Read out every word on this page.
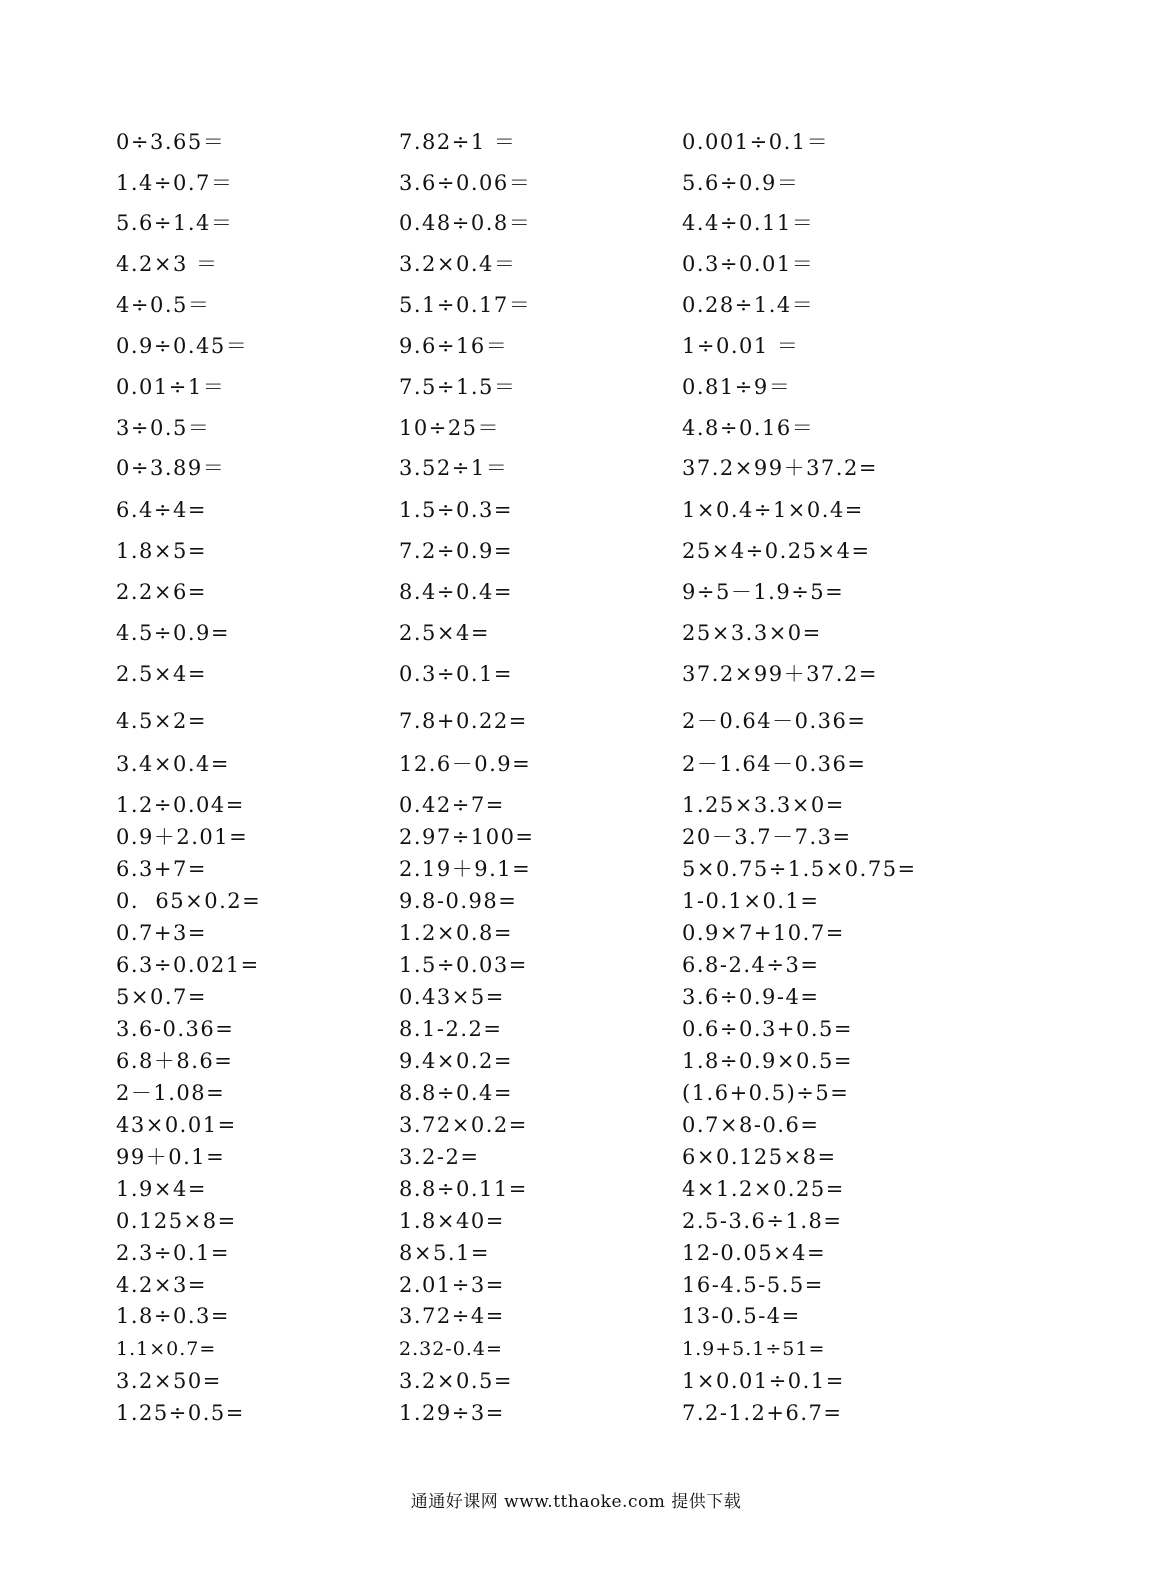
0÷3.65＝	7.82÷1 ＝	0.001÷0.1＝
1.4÷0.7＝	3.6÷0.06＝	5.6÷0.9＝
5.6÷1.4＝	0.48÷0.8＝	4.4÷0.11＝
4.2×3 ＝	3.2×0.4＝	0.3÷0.01＝
4÷0.5＝	5.1÷0.17＝	0.28÷1.4＝
0.9÷0.45＝	9.6÷16＝	1÷0.01 ＝
0.01÷1＝	7.5÷1.5＝	0.81÷9＝
3÷0.5＝	10÷25＝	4.8÷0.16＝
0÷3.89＝	3.52÷1＝	37.2×99＋37.2=
6.4÷4=	1.5÷0.3=	1×0.4÷1×0.4=
1.8×5=	7.2÷0.9=	25×4÷0.25×4=
2.2×6=	8.4÷0.4=	9÷5－1.9÷5=
4.5÷0.9=	2.5×4=	25×3.3×0=
2.5×4=	0.3÷0.1=	37.2×99＋37.2=
4.5×2=	7.8+0.22=	2－0.64－0.36=
3.4×0.4=	12.6－0.9=	2－1.64－0.36=
1.2÷0.04=	0.42÷7=	1.25×3.3×0=
0.9＋2.01=	2.97÷100=	20－3.7－7.3=
6.3+7=	2.19＋9.1=	5×0.75÷1.5×0.75=
0.  65×0.2=	9.8-0.98=	1-0.1×0.1=
0.7+3=	1.2×0.8=	0.9×7+10.7=
6.3÷0.021=	1.5÷0.03=	6.8-2.4÷3=
5×0.7=	0.43×5=	3.6÷0.9-4=
3.6-0.36=	8.1-2.2=	0.6÷0.3+0.5=
6.8＋8.6=	9.4×0.2=	1.8÷0.9×0.5=
2－1.08=	8.8÷0.4=	(1.6+0.5)÷5=
43×0.01=	3.72×0.2=	0.7×8-0.6=
99＋0.1=	3.2-2=	6×0.125×8=
1.9×4=	8.8÷0.11=	4×1.2×0.25=
0.125×8=	1.8×40=	2.5-3.6÷1.8=
2.3÷0.1=	8×5.1=	12-0.05×4=
4.2×3=	2.01÷3=	16-4.5-5.5=
1.8÷0.3=	3.72÷4=	13-0.5-4=
1.1×0.7=	2.32-0.4=	1.9+5.1÷51=
3.2×50=	3.2×0.5=	1×0.01÷0.1=
1.25÷0.5=	1.29÷3=	7.2-1.2+6.7=
通通好课网 www.tthaoke.com 提供下载
